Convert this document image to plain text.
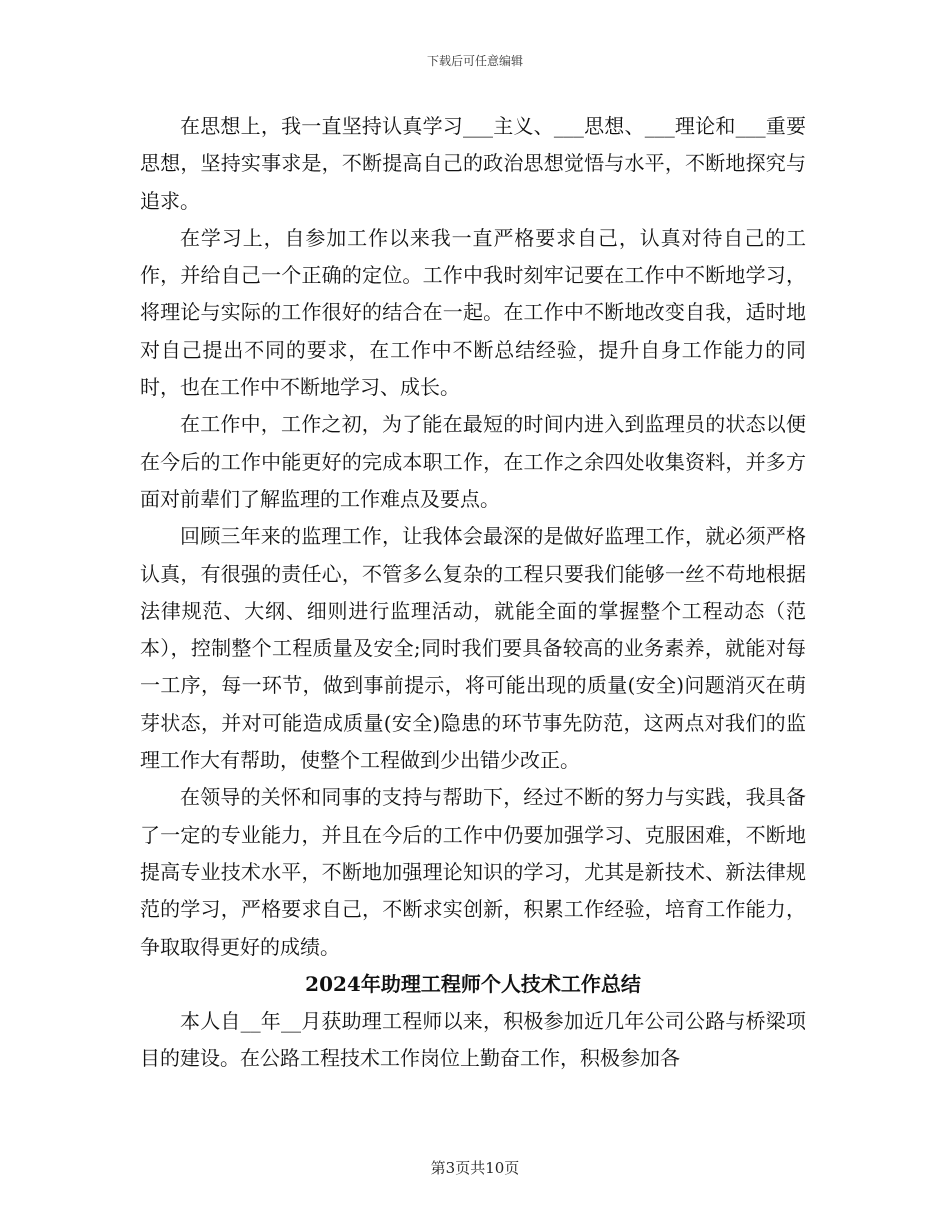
下载后可任意编辑

在思想上，我一直坚持认真学习___主义、___思想、___理论和___重要思想，坚持实事求是，不断提高自己的政治思想觉悟与水平，不断地探究与追求。

在学习上，自参加工作以来我一直严格要求自己，认真对待自己的工作，并给自己一个正确的定位。工作中我时刻牢记要在工作中不断地学习，将理论与实际的工作很好的结合在一起。在工作中不断地改变自我，适时地对自己提出不同的要求，在工作中不断总结经验，提升自身工作能力的同时，也在工作中不断地学习、成长。

在工作中，工作之初，为了能在最短的时间内进入到监理员的状态以便在今后的工作中能更好的完成本职工作，在工作之余四处收集资料，并多方面对前辈们了解监理的工作难点及要点。

回顾三年来的监理工作，让我体会最深的是做好监理工作，就必须严格认真，有很强的责任心，不管多么复杂的工程只要我们能够一丝不苟地根据法律规范、大纲、细则进行监理活动，就能全面的掌握整个工程动态（范本），控制整个工程质量及安全;同时我们要具备较高的业务素养，就能对每一工序，每一环节，做到事前提示，将可能出现的质量(安全)问题消灭在萌芽状态，并对可能造成质量(安全)隐患的环节事先防范，这两点对我们的监理工作大有帮助，使整个工程做到少出错少改正。

在领导的关怀和同事的支持与帮助下，经过不断的努力与实践，我具备了一定的专业能力，并且在今后的工作中仍要加强学习、克服困难，不断地提高专业技术水平，不断地加强理论知识的学习，尤其是新技术、新法律规范的学习，严格要求自己，不断求实创新，积累工作经验，培育工作能力，争取取得更好的成绩。

2024年助理工程师个人技术工作总结

本人自__年__月获助理工程师以来，积极参加近几年公司公路与桥梁项目的建设。在公路工程技术工作岗位上勤奋工作，积极参加各

第3页共10页
